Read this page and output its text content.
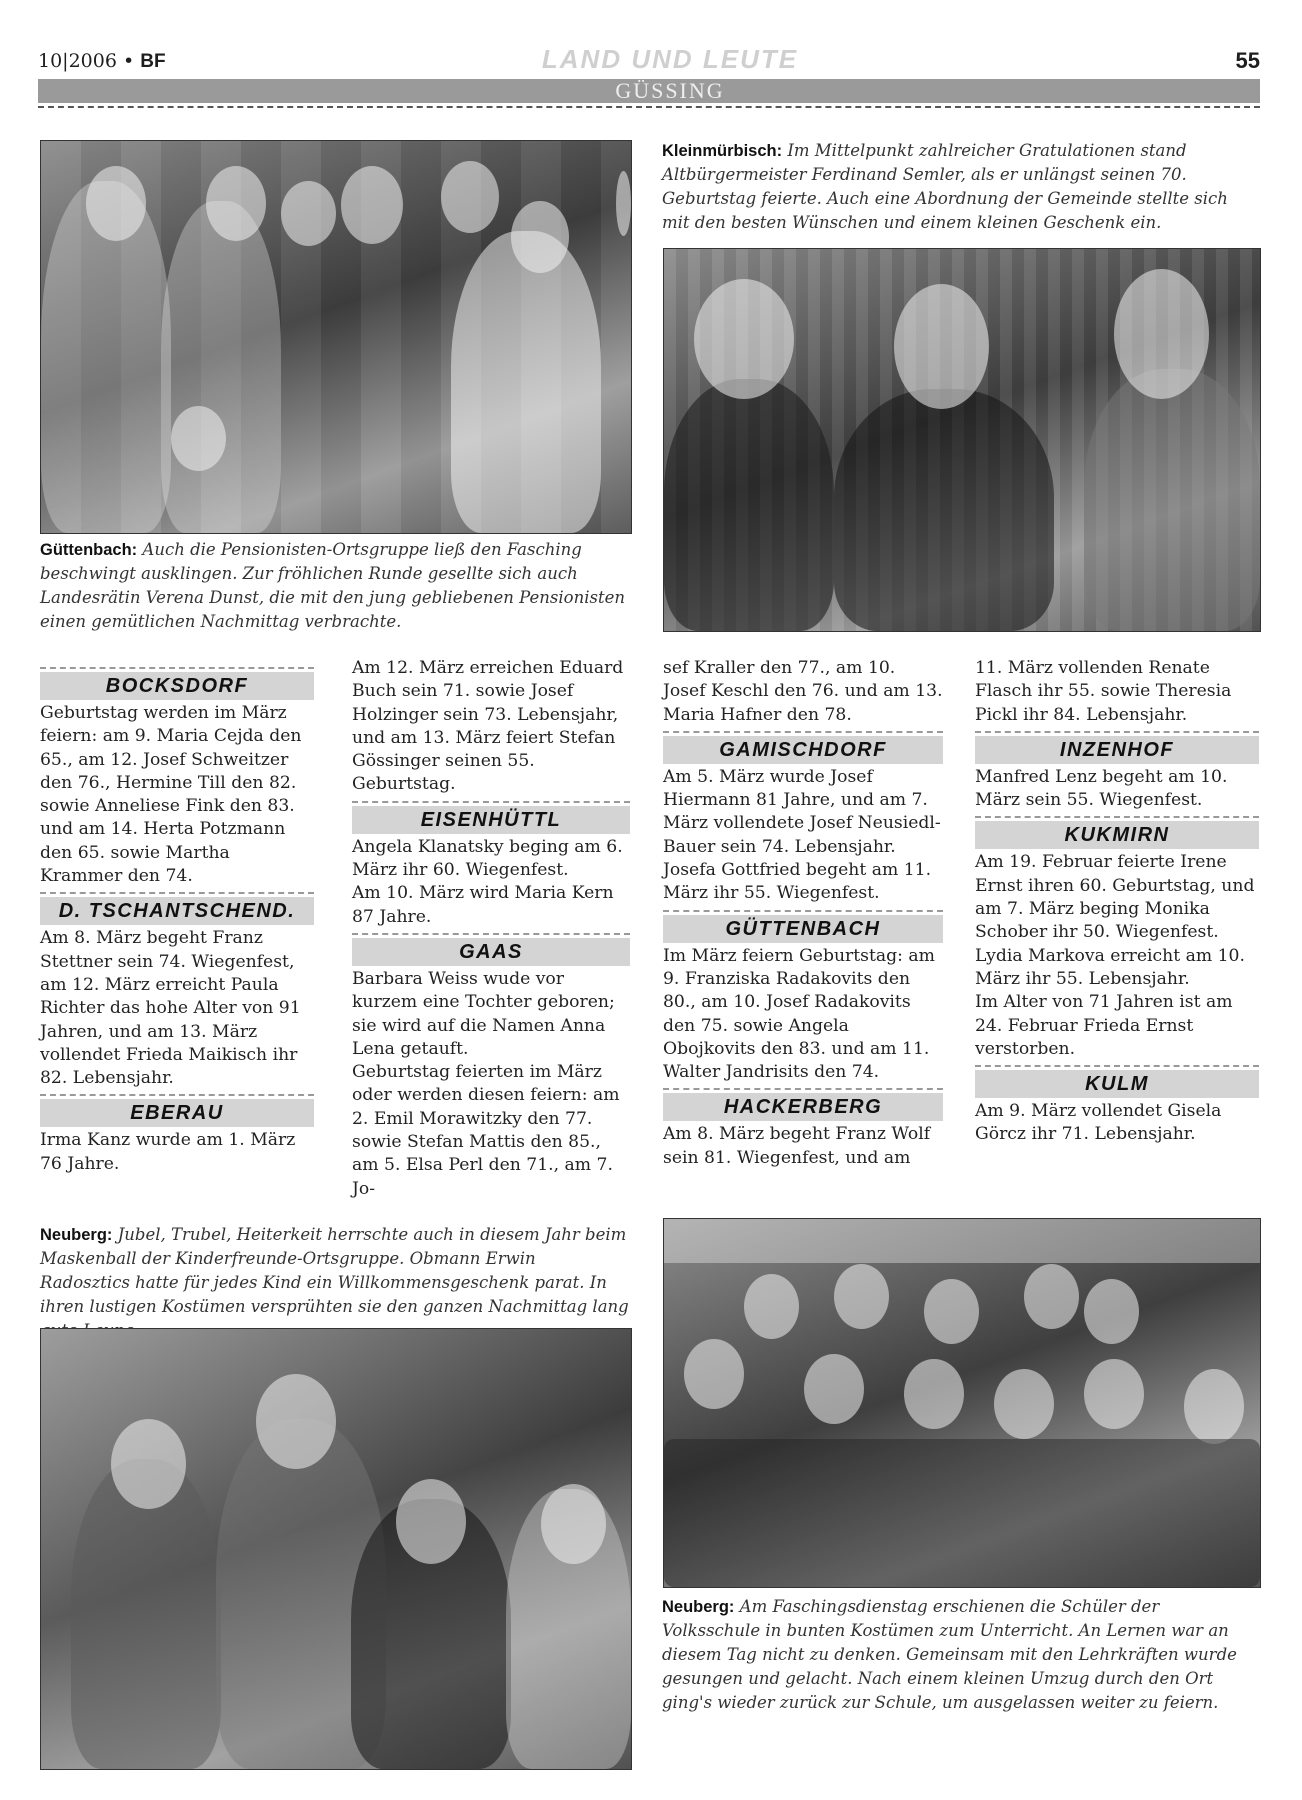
10|2006 • BF	LAND UND LEUTE	55
GÜSSING
Kleinmürbisch: Im Mittelpunkt zahlreicher Gratulationen stand Altbürgermeister Ferdinand Semler, als er unlängst seinen 70. Geburtstag feierte. Auch eine Abordnung der Gemeinde stellte sich mit den besten Wünschen und einem kleinen Geschenk ein.
Güttenbach: Auch die Pensionisten-Ortsgruppe ließ den Fasching beschwingt ausklingen. Zur fröhlichen Runde gesellte sich auch Landesrätin Verena Dunst, die mit den jung gebliebenen Pensionisten einen gemütlichen Nachmittag verbrachte.
BOCKSDORF

Geburtstag werden im März feiern: am 9. Maria Cejda den 65., am 12. Josef Schweitzer den 76., Hermine Till den 82. sowie Anneliese Fink den 83. und am 14. Herta Potzmann den 65. sowie Martha Krammer den 74.

D. TSCHANTSCHEND.

Am 8. März begeht Franz Stettner sein 74. Wiegenfest, am 12. März erreicht Paula Richter das hohe Alter von 91 Jahren, und am 13. März vollendet Frieda Maikisch ihr 82. Lebensjahr.

EBERAU

Irma Kanz wurde am 1. März 76 Jahre.

Am 12. März erreichen Eduard Buch sein 71. sowie Josef Holzinger sein 73. Lebensjahr, und am 13. März feiert Stefan Gössinger seinen 55. Geburtstag.

EISENHÜTTL

Angela Klanatsky beging am 6. März ihr 60. Wiegenfest.

Am 10. März wird Maria Kern 87 Jahre.

GAAS

Barbara Weiss wude vor kurzem eine Tochter geboren; sie wird auf die Namen Anna Lena getauft.

Geburtstag feierten im März oder werden diesen feiern: am 2. Emil Morawitzky den 77. sowie Stefan Mattis den 85., am 5. Elsa Perl den 71., am 7. Jo-

sef Kraller den 77., am 10. Josef Keschl den 76. und am 13. Maria Hafner den 78.

GAMISCHDORF

Am 5. März wurde Josef Hiermann 81 Jahre, und am 7. März vollendete Josef Neusiedl-Bauer sein 74. Lebensjahr.

Josefa Gottfried begeht am 11. März ihr 55. Wiegenfest.

GÜTTENBACH

Im März feiern Geburtstag: am 9. Franziska Radakovits den 80., am 10. Josef Radakovits den 75. sowie Angela Obojkovits den 83. und am 11. Walter Jandrisits den 74.

HACKERBERG

Am 8. März begeht Franz Wolf sein 81. Wiegenfest, und am

11. März vollenden Renate Flasch ihr 55. sowie Theresia Pickl ihr 84. Lebensjahr.

INZENHOF

Manfred Lenz begeht am 10. März sein 55. Wiegenfest.

KUKMIRN

Am 19. Februar feierte Irene Ernst ihren 60. Geburtstag, und am 7. März beging Monika Schober ihr 50. Wiegenfest.

Lydia Markova erreicht am 10. März ihr 55. Lebensjahr.

Im Alter von 71 Jahren ist am 24. Februar Frieda Ernst verstorben.

KULM

Am 9. März vollendet Gisela Görcz ihr 71. Lebensjahr.

Neuberg: Jubel, Trubel, Heiterkeit herrschte auch in diesem Jahr beim Maskenball der Kinderfreunde-Ortsgruppe. Obmann Erwin Radosztics hatte für jedes Kind ein Willkommensgeschenk parat. In ihren lustigen Kostümen versprühten sie den ganzen Nachmittag lang
Neuberg: Am Faschingsdienstag erschienen die Schüler der Volksschule in bunten Kostümen zum Unterricht. An Lernen war an diesem Tag nicht zu denken. Gemeinsam mit den Lehrkräften wurde gesungen und gelacht. Nach einem kleinen Umzug durch den Ort ging's wieder zurück zur Schule, um ausgelassen weiter zu feiern.
